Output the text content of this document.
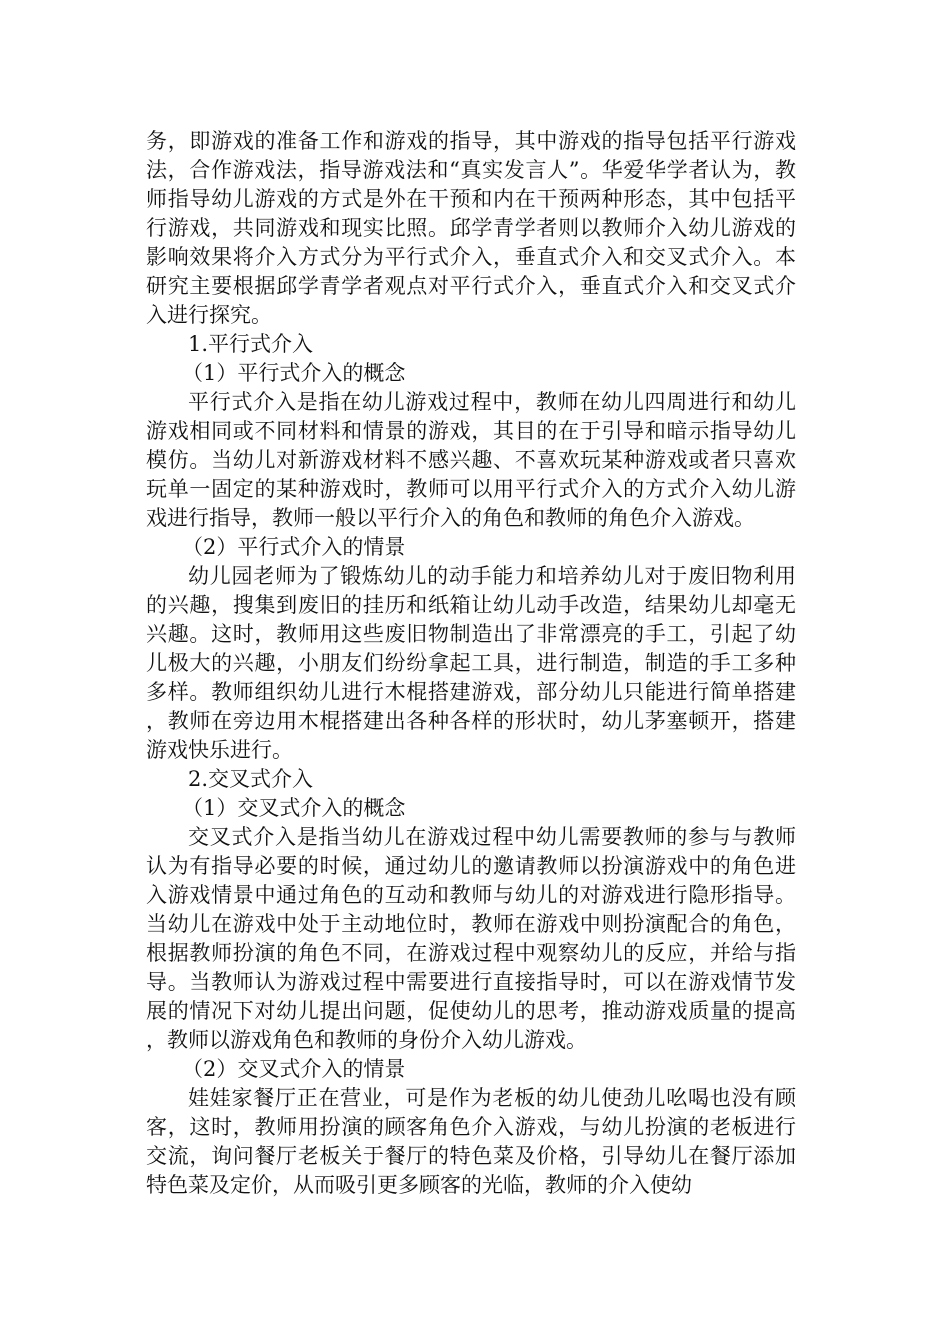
务，即游戏的准备工作和游戏的指导，其中游戏的指导包括平行游戏法，合作游戏法，指导游戏法和“真实发言人”。华爱华学者认为，教师指导幼儿游戏的方式是外在干预和内在干预两种形态，其中包括平行游戏，共同游戏和现实比照。邱学青学者则以教师介入幼儿游戏的影响效果将介入方式分为平行式介入，垂直式介入和交叉式介入。本研究主要根据邱学青学者观点对平行式介入，垂直式介入和交叉式介入进行探究。

1.平行式介入

（1）平行式介入的概念

平行式介入是指在幼儿游戏过程中，教师在幼儿四周进行和幼儿游戏相同或不同材料和情景的游戏，其目的在于引导和暗示指导幼儿模仿。当幼儿对新游戏材料不感兴趣、不喜欢玩某种游戏或者只喜欢玩单一固定的某种游戏时，教师可以用平行式介入的方式介入幼儿游戏进行指导，教师一般以平行介入的角色和教师的角色介入游戏。

（2）平行式介入的情景

幼儿园老师为了锻炼幼儿的动手能力和培养幼儿对于废旧物利用的兴趣，搜集到废旧的挂历和纸箱让幼儿动手改造，结果幼儿却毫无兴趣。这时，教师用这些废旧物制造出了非常漂亮的手工，引起了幼儿极大的兴趣，小朋友们纷纷拿起工具，进行制造，制造的手工多种多样。教师组织幼儿进行木棍搭建游戏，部分幼儿只能进行简单搭建，教师在旁边用木棍搭建出各种各样的形状时，幼儿茅塞顿开，搭建游戏快乐进行。

2.交叉式介入

（1）交叉式介入的概念

交叉式介入是指当幼儿在游戏过程中幼儿需要教师的参与与教师认为有指导必要的时候，通过幼儿的邀请教师以扮演游戏中的角色进入游戏情景中通过角色的互动和教师与幼儿的对游戏进行隐形指导。当幼儿在游戏中处于主动地位时，教师在游戏中则扮演配合的角色，根据教师扮演的角色不同，在游戏过程中观察幼儿的反应，并给与指导。当教师认为游戏过程中需要进行直接指导时，可以在游戏情节发展的情况下对幼儿提出问题，促使幼儿的思考，推动游戏质量的提高，教师以游戏角色和教师的身份介入幼儿游戏。

（2）交叉式介入的情景

娃娃家餐厅正在营业，可是作为老板的幼儿使劲儿吆喝也没有顾客，这时，教师用扮演的顾客角色介入游戏，与幼儿扮演的老板进行交流，询问餐厅老板关于餐厅的特色菜及价格，引导幼儿在餐厅添加特色菜及定价，从而吸引更多顾客的光临，教师的介入使幼
